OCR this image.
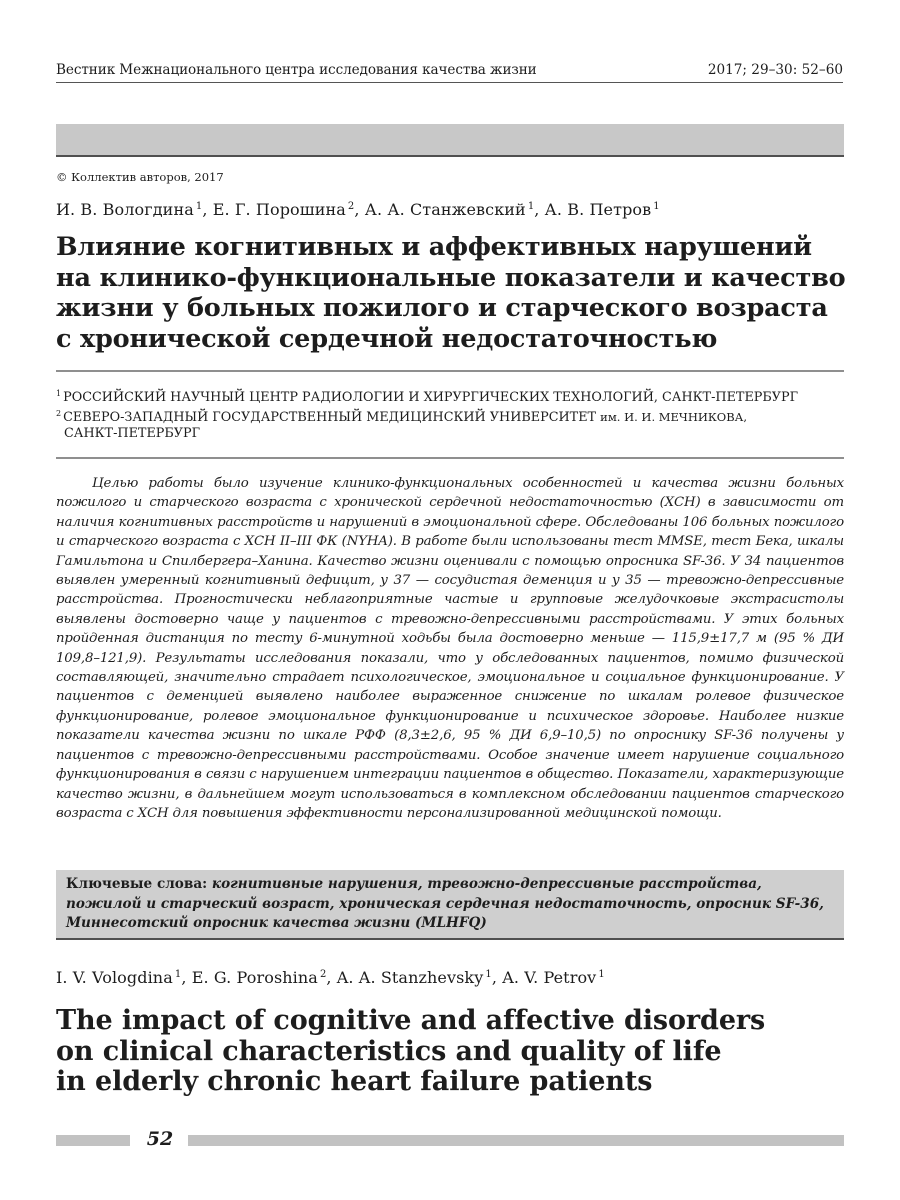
Вестник Межнационального центра исследования качества жизни	2017; 29–30: 52–60
© Коллектив авторов, 2017
И. В. Вологдина $^1$, Е. Г. Порошина $^2$, А. А. Станжевский $^1$, А. В. Петров $^1$
Влияние когнитивных и аффективных нарушений
на клинико-функциональные показатели и качество
жизни у больных пожилого и старческого возраста
с хронической сердечной недостаточностью
$^1$ РОССИЙСКИЙ НАУЧНЫЙ ЦЕНТР РАДИОЛОГИИ И ХИРУРГИЧЕСКИХ ТЕХНОЛОГИЙ, САНКТ-ПЕТЕРБУРГ
$^2$ СЕВЕРО-ЗАПАДНЫЙ ГОСУДАРСТВЕННЫЙ МЕДИЦИНСКИЙ УНИВЕРСИТЕТ им. И. И. МЕЧНИКОВА,
САНКТ-ПЕТЕРБУРГ

Целью работы было изучение клинико-функциональных особенностей и качества жизни больных пожилого и старческого возраста с хронической сердечной недостаточностью (ХСН) в зависимости от наличия когнитивных расстройств и нарушений в эмоциональной сфере. Обследованы 106 больных пожилого и старческого возраста с ХСН II–III ФК (NYHA). В работе были использованы тест MMSE, тест Бека, шкалы Гамильтона и Спилбергера–Ханина. Качество жизни оценивали с помощью опросника SF-36. У 34 пациентов выявлен умеренный когнитивный дефицит, у 37 — сосудистая деменция и у 35 — тревожно-депрессивные расстройства. Прогностически неблагоприятные частые и групповые желудочковые экстрасистолы выявлены достоверно чаще у пациентов с тревожно-депрессивными расстройствами. У этих больных пройденная дистанция по тесту 6-минутной ходьбы была достоверно меньше — 115,9±17,7 м (95 % ДИ 109,8–121,9). Результаты исследования показали, что у обследованных пациентов, помимо физической составляющей, значительно страдает психологическое, эмоциональное и социальное функционирование. У пациентов с деменцией выявлено наиболее выраженное снижение по шкалам ролевое физическое функционирование, ролевое эмоциональное функционирование и психическое здоровье. Наиболее низкие показатели качества жизни по шкале РФФ (8,3±2,6, 95 % ДИ 6,9–10,5) по опроснику SF-36 получены у пациентов с тревожно-депрессивными расстройствами. Особое значение имеет нарушение социального функционирования в связи с нарушением интеграции пациентов в общество. Показатели, характеризующие качество жизни, в дальнейшем могут использоваться в комплексном обследовании пациентов старческого возраста с ХСН для повышения эффективности персонализированной медицинской помощи.

Ключевые слова: когнитивные нарушения, тревожно-депрессивные расстройства, пожилой и старческий возраст, хроническая сердечная недостаточность, опросник SF-36, Миннесотский опросник качества жизни (MLHFQ)
I. V. Vologdina $^1$, E. G. Poroshina $^2$, A. A. Stanzhevsky $^1$, A. V. Petrov $^1$
The impact of cognitive and affective disorders
on clinical characteristics and quality of life
in elderly chronic heart failure patients
52
